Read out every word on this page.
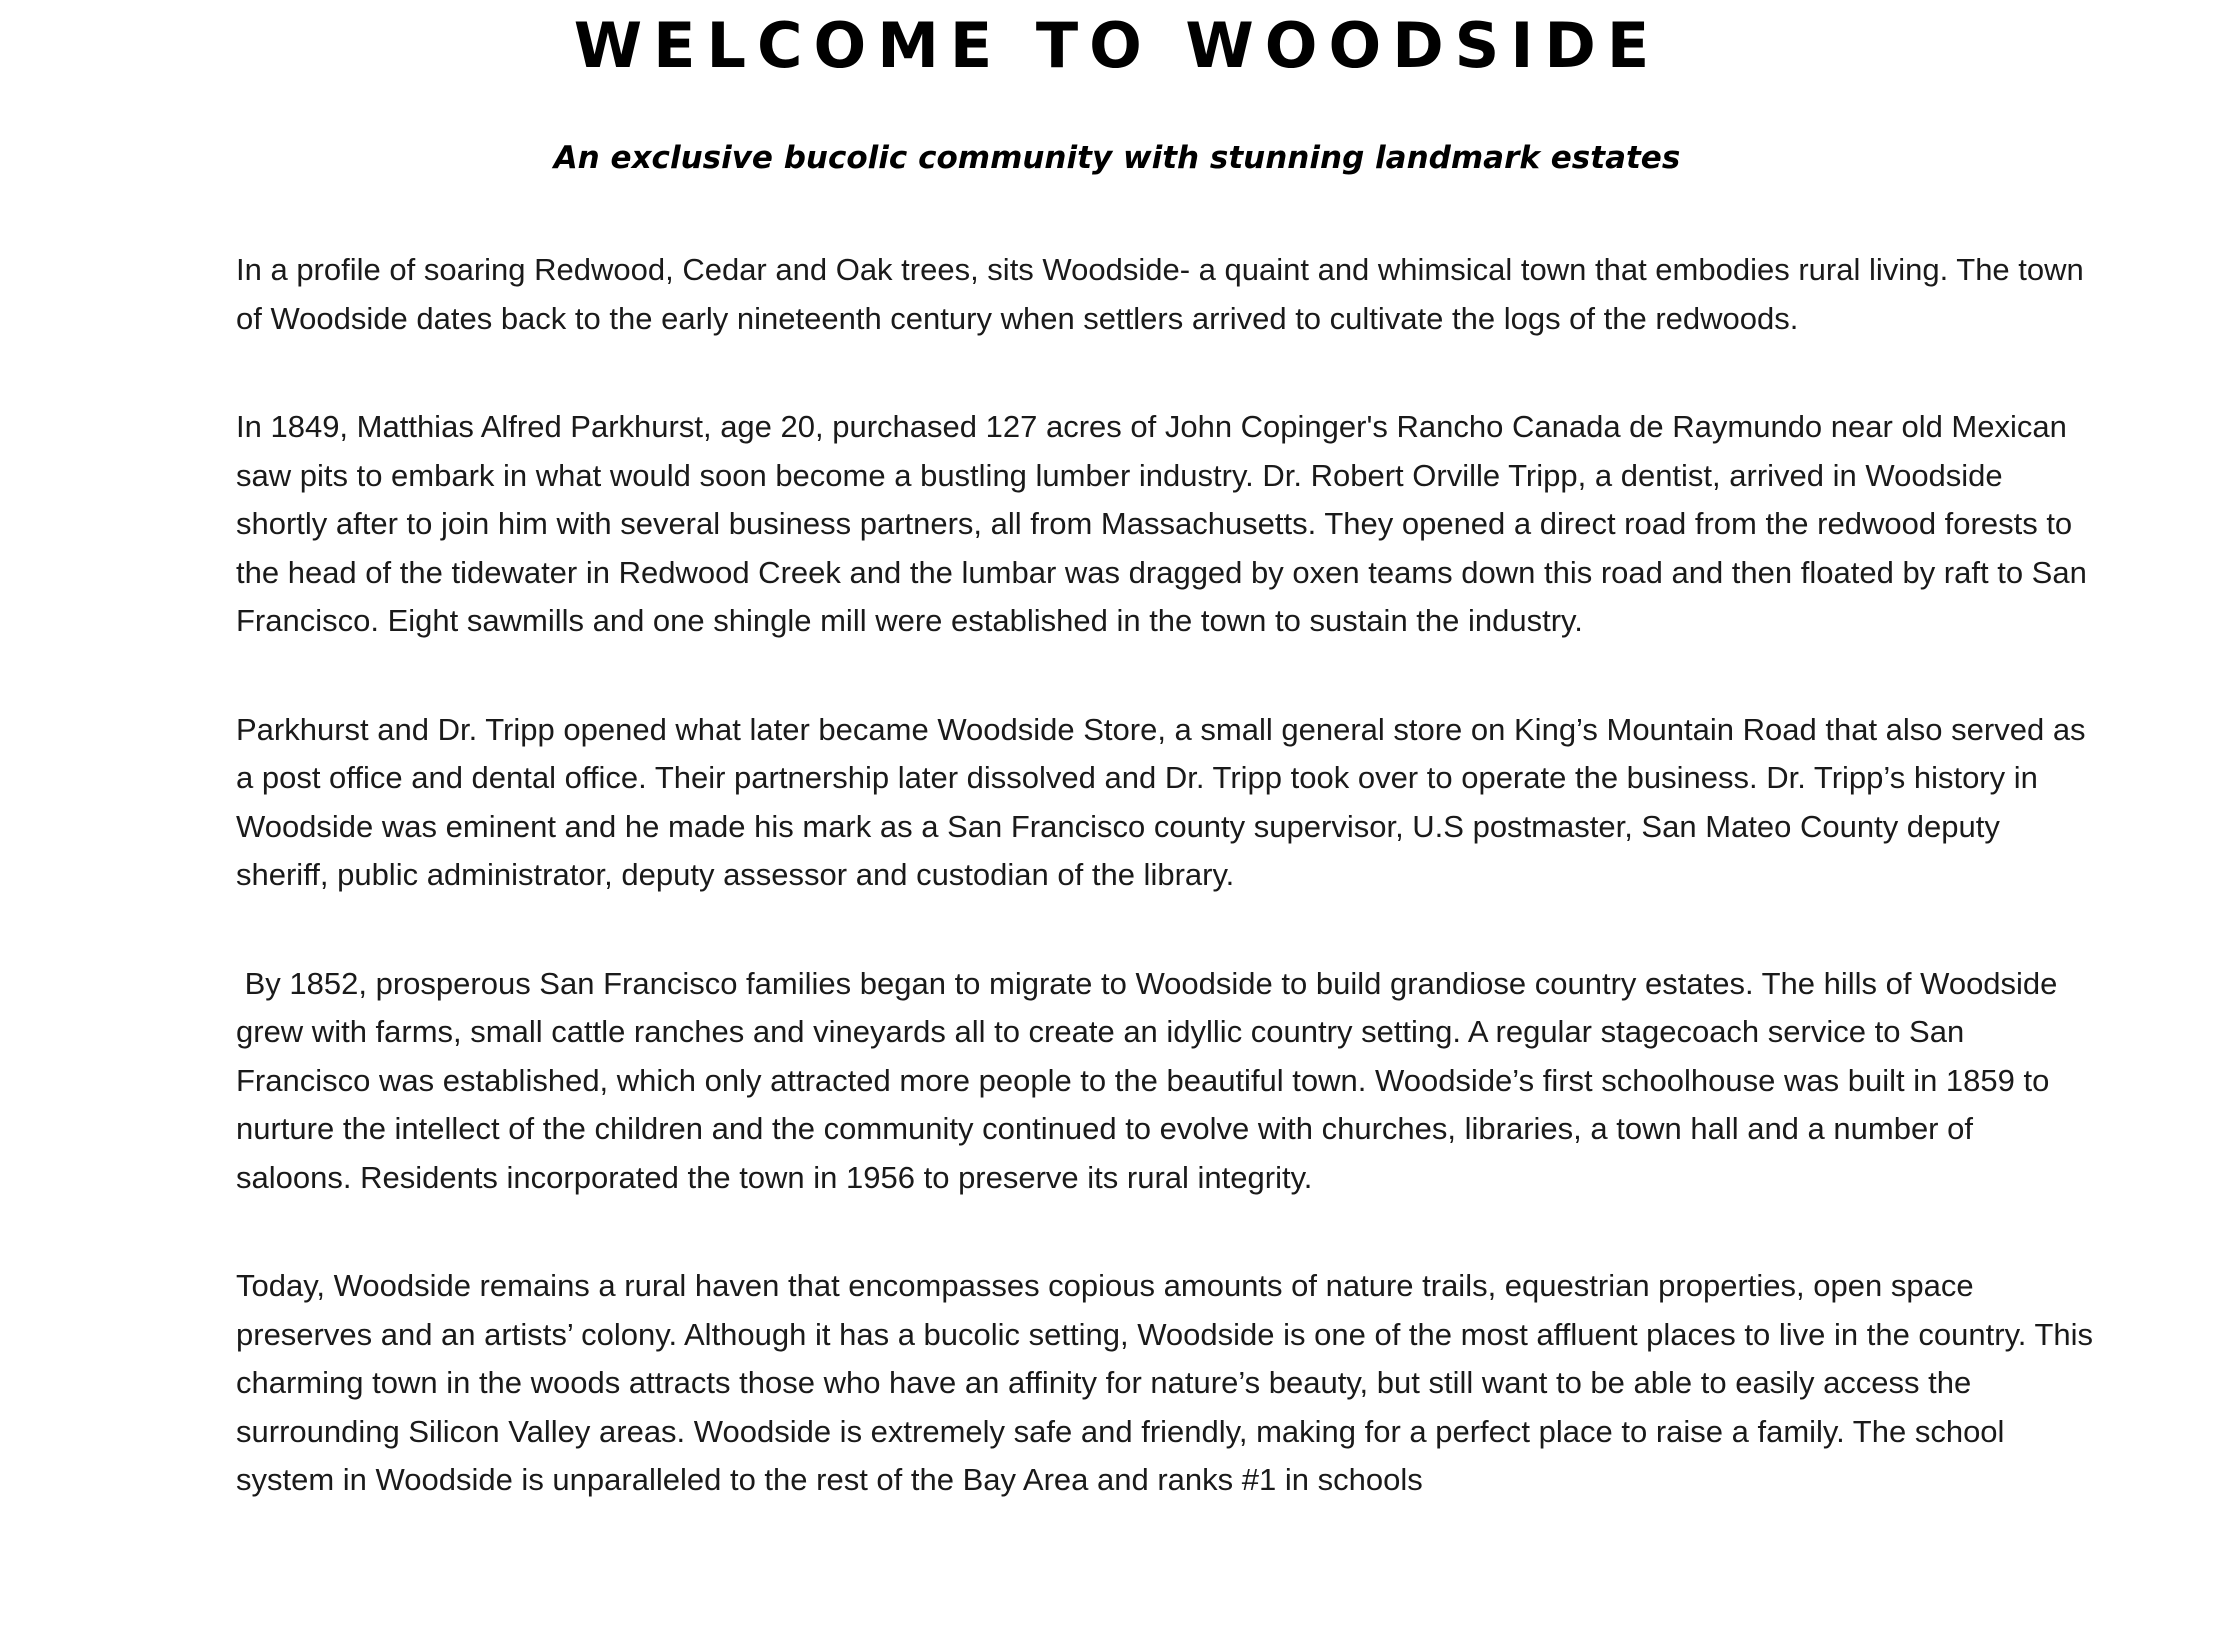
WELCOME TO WOODSIDE

An exclusive bucolic community with stunning landmark estates

In a profile of soaring Redwood, Cedar and Oak trees, sits Woodside- a quaint and whimsical town that embodies rural living. The town of Woodside dates back to the early nineteenth century when settlers arrived to cultivate the logs of the redwoods.

In 1849, Matthias Alfred Parkhurst, age 20, purchased 127 acres of John Copinger's Rancho Canada de Raymundo near old Mexican saw pits to embark in what would soon become a bustling lumber industry. Dr. Robert Orville Tripp, a dentist, arrived in Woodside shortly after to join him with several business partners, all from Massachusetts. They opened a direct road from the redwood forests to the head of the tidewater in Redwood Creek and the lumbar was dragged by oxen teams down this road and then floated by raft to San Francisco. Eight sawmills and one shingle mill were established in the town to sustain the industry.

Parkhurst and Dr. Tripp opened what later became Woodside Store, a small general store on King’s Mountain Road that also served as a post office and dental office. Their partnership later dissolved and Dr. Tripp took over to operate the business. Dr. Tripp’s history in Woodside was eminent and he made his mark as a San Francisco county supervisor, U.S postmaster, San Mateo County deputy sheriff, public administrator, deputy assessor and custodian of the library.

By 1852, prosperous San Francisco families began to migrate to Woodside to build grandiose country estates. The hills of Woodside grew with farms, small cattle ranches and vineyards all to create an idyllic country setting. A regular stagecoach service to San Francisco was established, which only attracted more people to the beautiful town. Woodside’s first schoolhouse was built in 1859 to nurture the intellect of the children and the community continued to evolve with churches, libraries, a town hall and a number of saloons. Residents incorporated the town in 1956 to preserve its rural integrity.

Today, Woodside remains a rural haven that encompasses copious amounts of nature trails, equestrian properties, open space preserves and an artists’ colony. Although it has a bucolic setting, Woodside is one of the most affluent places to live in the country. This charming town in the woods attracts those who have an affinity for nature’s beauty, but still want to be able to easily access the surrounding Silicon Valley areas. Woodside is extremely safe and friendly, making for a perfect place to raise a family. The school system in Woodside is unparalleled to the rest of the Bay Area and ranks #1 in schools
